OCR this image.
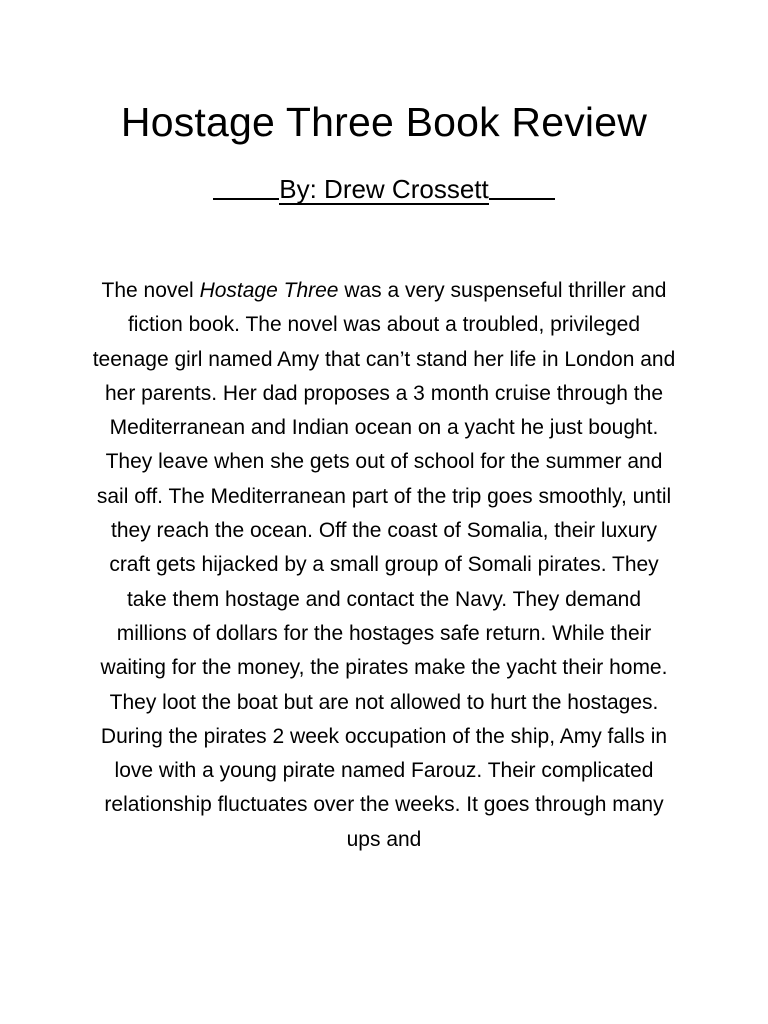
Hostage Three Book Review

By: Drew Crossett

The novel Hostage Three was a very suspenseful thriller and fiction book. The novel was about a troubled, privileged teenage girl named Amy that can’t stand her life in London and her parents. Her dad proposes a 3 month cruise through the Mediterranean and Indian ocean on a yacht he just bought. They leave when she gets out of school for the summer and sail off. The Mediterranean part of the trip goes smoothly, until they reach the ocean. Off the coast of Somalia, their luxury craft gets hijacked by a small group of Somali pirates. They take them hostage and contact the Navy. They demand millions of dollars for the hostages safe return. While their waiting for the money, the pirates make the yacht their home. They loot the boat but are not allowed to hurt the hostages. During the pirates 2 week occupation of the ship, Amy falls in love with a young pirate named Farouz. Their complicated relationship fluctuates over the weeks. It goes through many ups and
